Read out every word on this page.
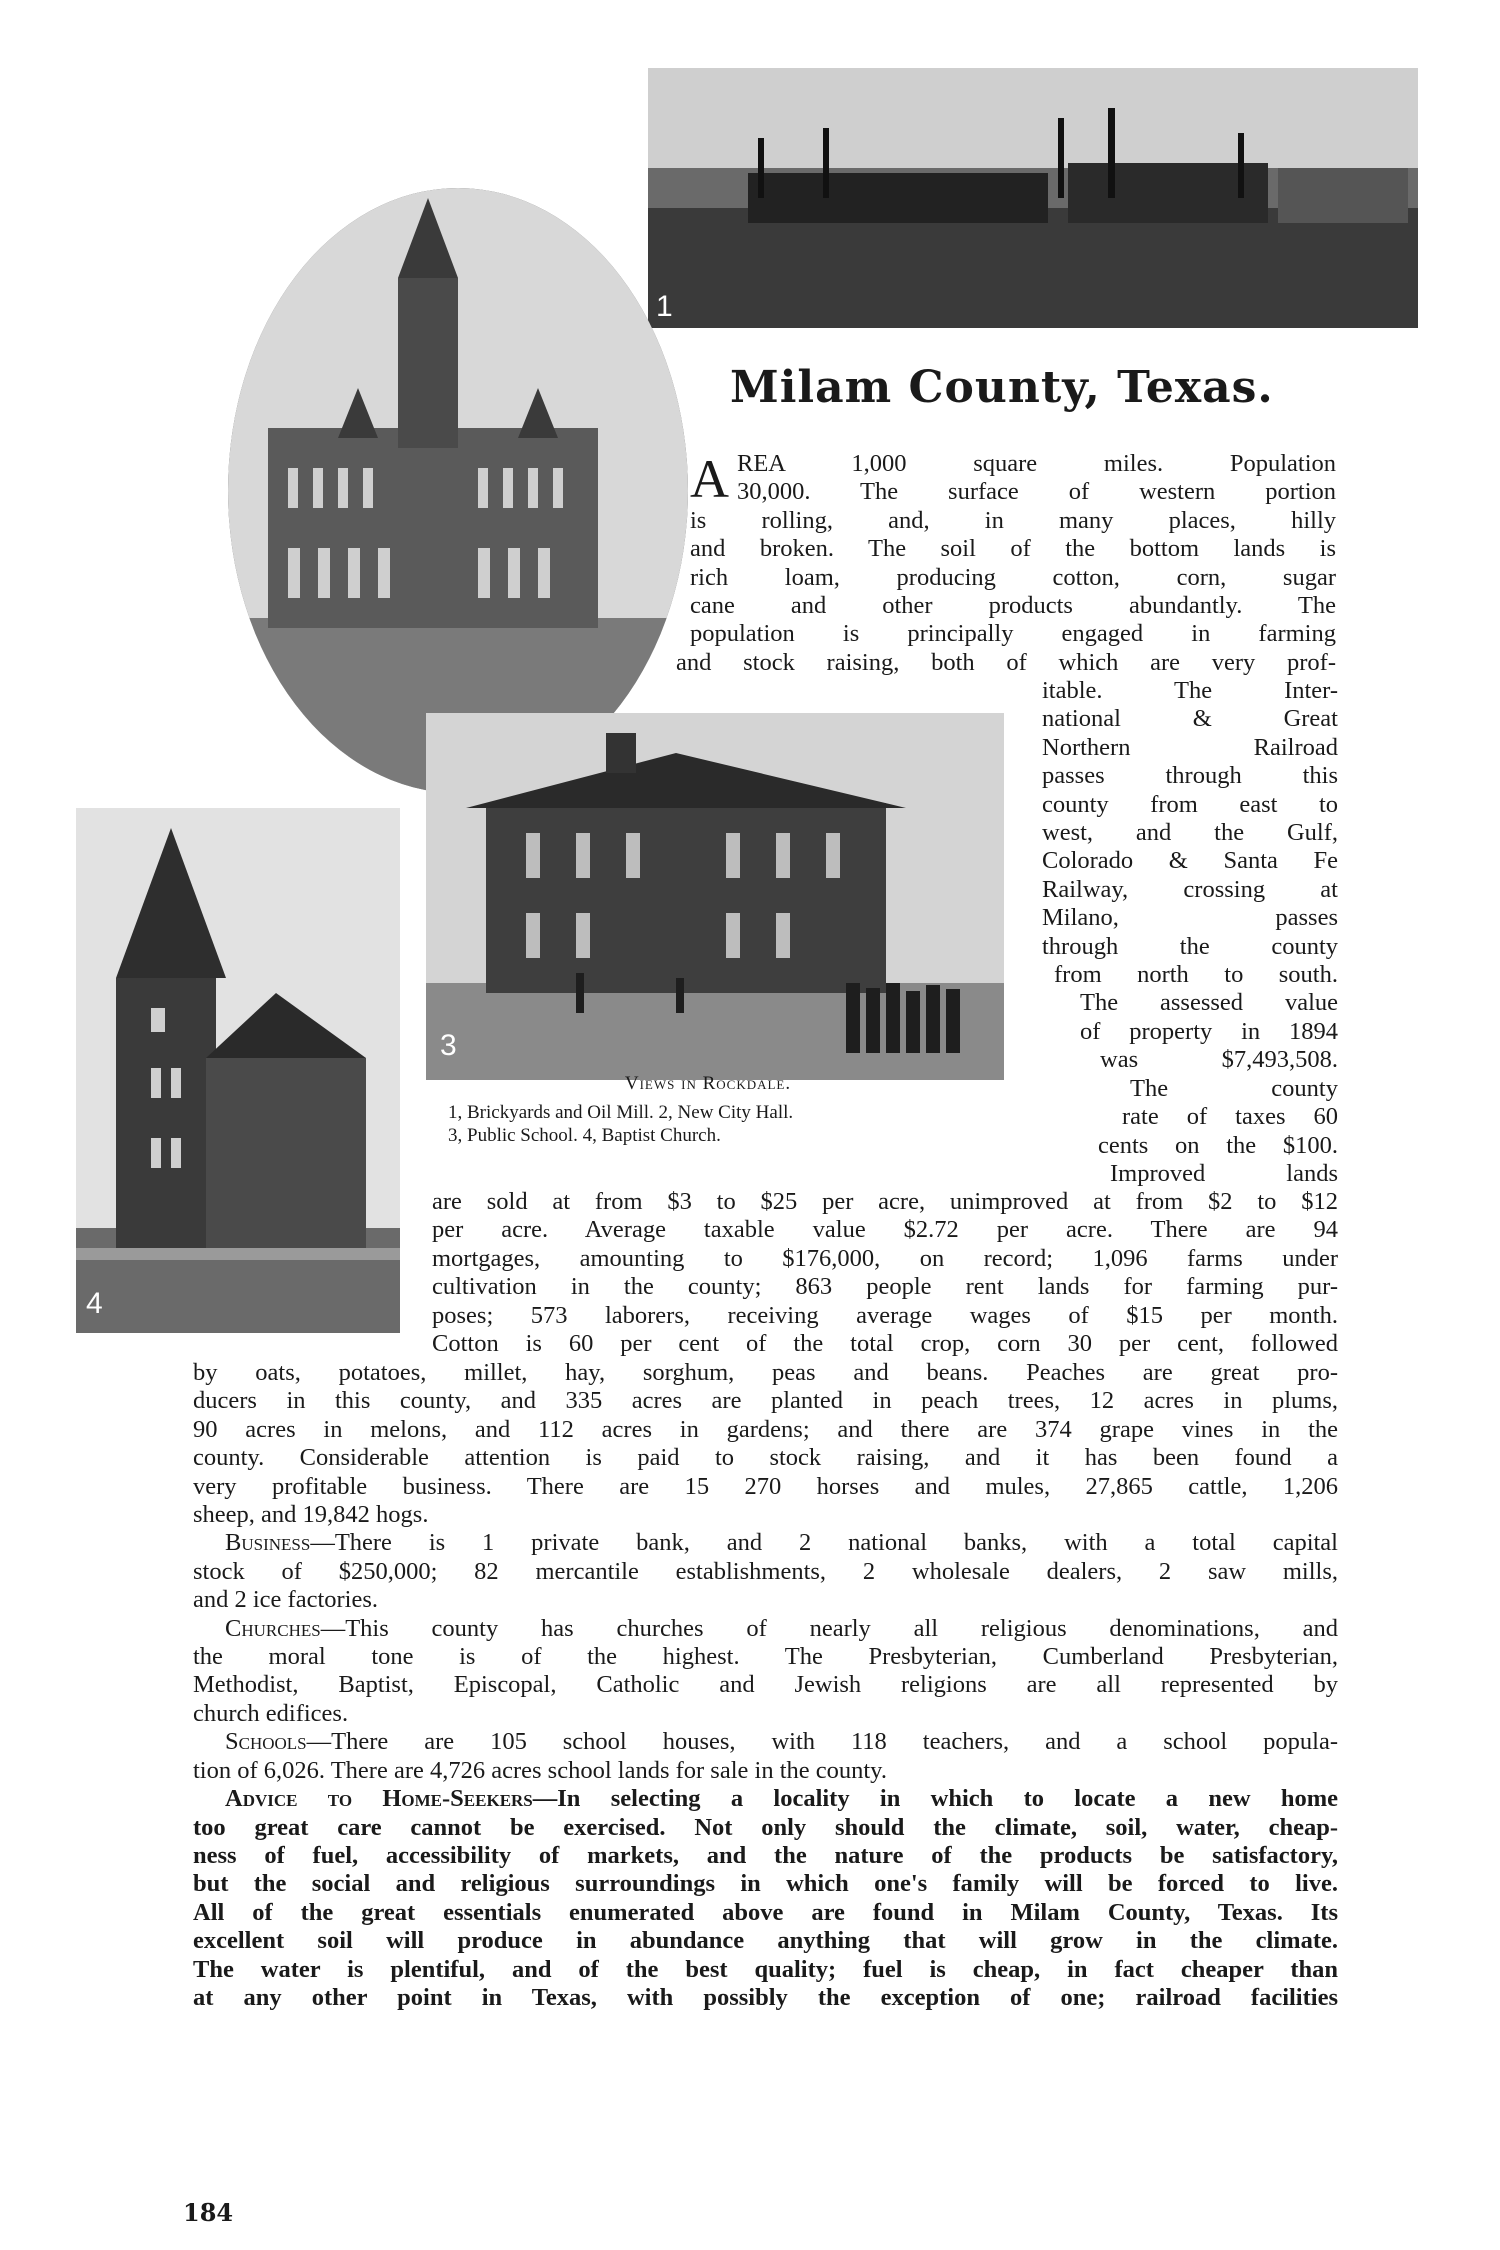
1
3
4
Milam County, Texas.
A REA 1,000 square miles. Population
30,000. The surface of western portion
is rolling, and, in many places, hilly
and broken. The soil of the bottom lands is
rich loam, producing cotton, corn, sugar
cane and other products abundantly. The
population is principally engaged in farming
and stock raising, both of which are very prof-
itable. The Inter-
national & Great
Northern Railroad
passes through this
county from east to
west, and the Gulf,
Colorado & Santa Fe
Railway, crossing at
Milano, passes
through the county
from north to south.
The assessed value
of property in 1894
was $7,493,508.
The county
rate of taxes 60
cents on the $100.
Improved lands
Views in Rockdale.
1, Brickyards and Oil Mill. 2, New City Hall.
3, Public School. 4, Baptist Church.
are sold at from $3 to $25 per acre, unimproved at from $2 to $12
per acre. Average taxable value $2.72 per acre. There are 94
mortgages, amounting to $176,000, on record; 1,096 farms under
cultivation in the county; 863 people rent lands for farming pur-
poses; 573 laborers, receiving average wages of $15 per month.
Cotton is 60 per cent of the total crop, corn 30 per cent, followed
by oats, potatoes, millet, hay, sorghum, peas and beans. Peaches are great pro-
ducers in this county, and 335 acres are planted in peach trees, 12 acres in plums,
90 acres in melons, and 112 acres in gardens; and there are 374 grape vines in the
county. Considerable attention is paid to stock raising, and it has been found a
very profitable business. There are 15 270 horses and mules, 27,865 cattle, 1,206
sheep, and 19,842 hogs.
Business—There is 1 private bank, and 2 national banks, with a total capital
stock of $250,000; 82 mercantile establishments, 2 wholesale dealers, 2 saw mills,
and 2 ice factories.
Churches—This county has churches of nearly all religious denominations, and
the moral tone is of the highest. The Presbyterian, Cumberland Presbyterian,
Methodist, Baptist, Episcopal, Catholic and Jewish religions are all represented by
church edifices.
Schools—There are 105 school houses, with 118 teachers, and a school popula-
tion of 6,026. There are 4,726 acres school lands for sale in the county.
Advice to Home-Seekers—In selecting a locality in which to locate a new home
too great care cannot be exercised. Not only should the climate, soil, water, cheap-
ness of fuel, accessibility of markets, and the nature of the products be satisfactory,
but the social and religious surroundings in which one's family will be forced to live.
All of the great essentials enumerated above are found in Milam County, Texas. Its
excellent soil will produce in abundance anything that will grow in the climate.
The water is plentiful, and of the best quality; fuel is cheap, in fact cheaper than
at any other point in Texas, with possibly the exception of one; railroad facilities
184
